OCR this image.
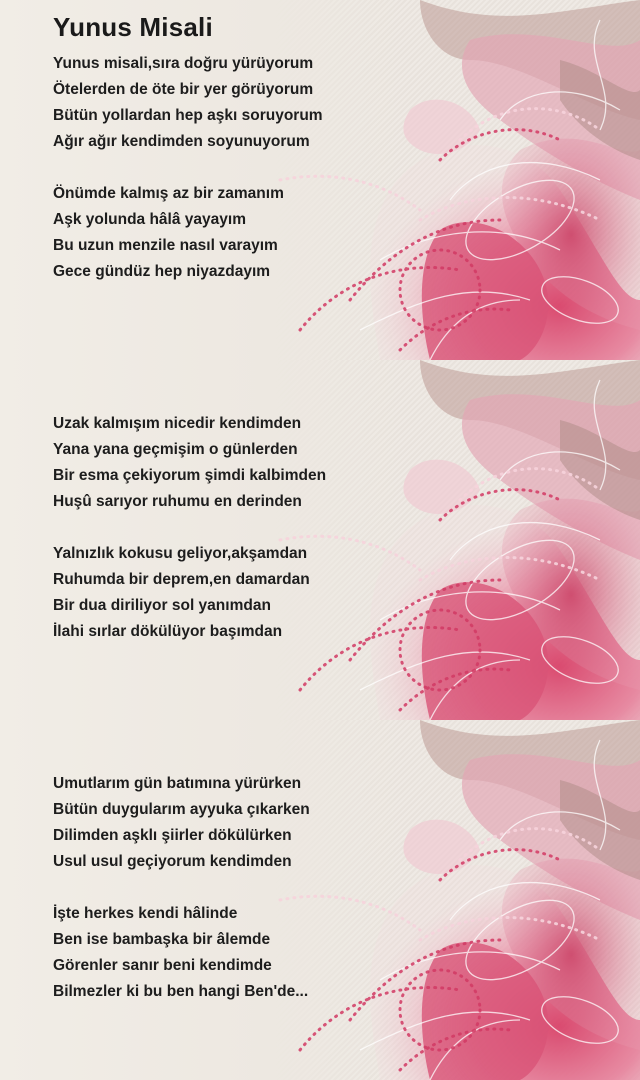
Yunus Misali
Yunus misali,sıra doğru yürüyorum
Ötelerden de öte bir yer görüyorum
Bütün yollardan hep aşkı soruyorum
Ağır ağır kendimden soyunuyorum
Önümde kalmış az bir zamanım
Aşk yolunda hâlâ yayayım
Bu uzun menzile nasıl varayım
Gece gündüz hep niyazdayım
Uzak kalmışım nicedir kendimden
Yana yana geçmişim o günlerden
Bir esma çekiyorum şimdi kalbimden
Huşû sarıyor ruhumu en derinden
Yalnızlık kokusu geliyor,akşamdan
Ruhumda bir deprem,en damardan
Bir dua diriliyor sol yanımdan
İlahi sırlar dökülüyor başımdan
Umutlarım gün batımına yürürken
Bütün duygularım ayyuka çıkarken
Dilimden aşklı şiirler dökülürken
Usul usul geçiyorum kendimden
İşte herkes kendi hâlinde
Ben ise bambaşka bir âlemde
Görenler sanır beni kendimde
Bilmezler ki bu ben hangi Ben'de...
